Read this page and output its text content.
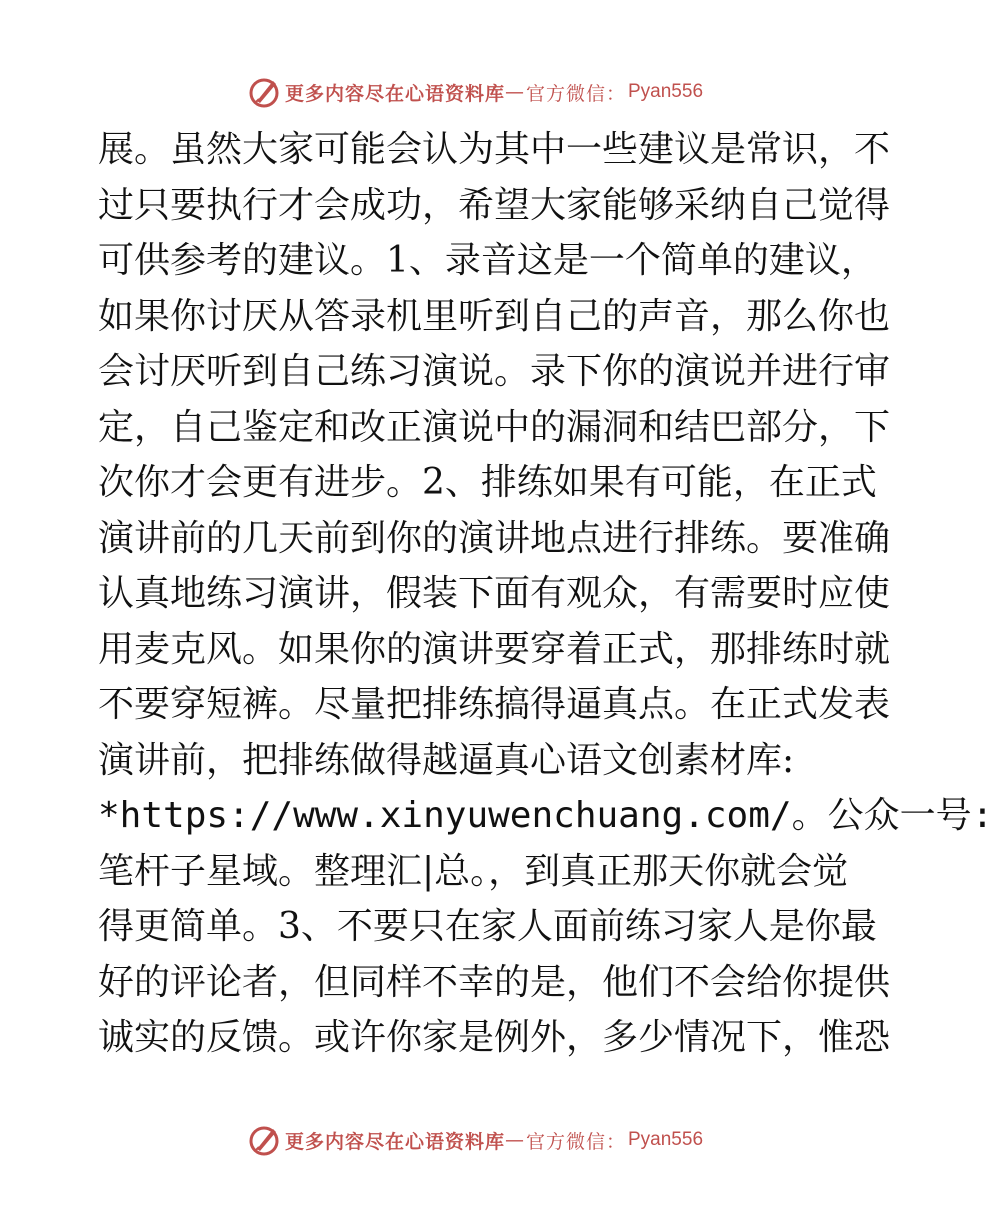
更多内容尽在心语资料库 — 官方微信： Pyan556
展。虽然大家可能会认为其中一些建议是常识，不
过只要执行才会成功，希望大家能够采纳自己觉得
可供参考的建议。1、录音这是一个简单的建议，
如果你讨厌从答录机里听到自己的声音，那么你也
会讨厌听到自己练习演说。录下你的演说并进行审
定，自己鉴定和改正演说中的漏洞和结巴部分，下
次你才会更有进步。2、排练如果有可能，在正式
演讲前的几天前到你的演讲地点进行排练。要准确
认真地练习演讲，假装下面有观众，有需要时应使
用麦克风。如果你的演讲要穿着正式，那排练时就
不要穿短裤。尽量把排练搞得逼真点。在正式发表
演讲前，把排练做得越逼真心语文创素材库:
*https://www.xinyuwenchuang.com/。公众一号:
笔杆子星域。整理汇|总。，到真正那天你就会觉
得更简单。3、不要只在家人面前练习家人是你最
好的评论者，但同样不幸的是，他们不会给你提供
诚实的反馈。或许你家是例外，多少情况下，惟恐
更多内容尽在心语资料库 — 官方微信： Pyan556
